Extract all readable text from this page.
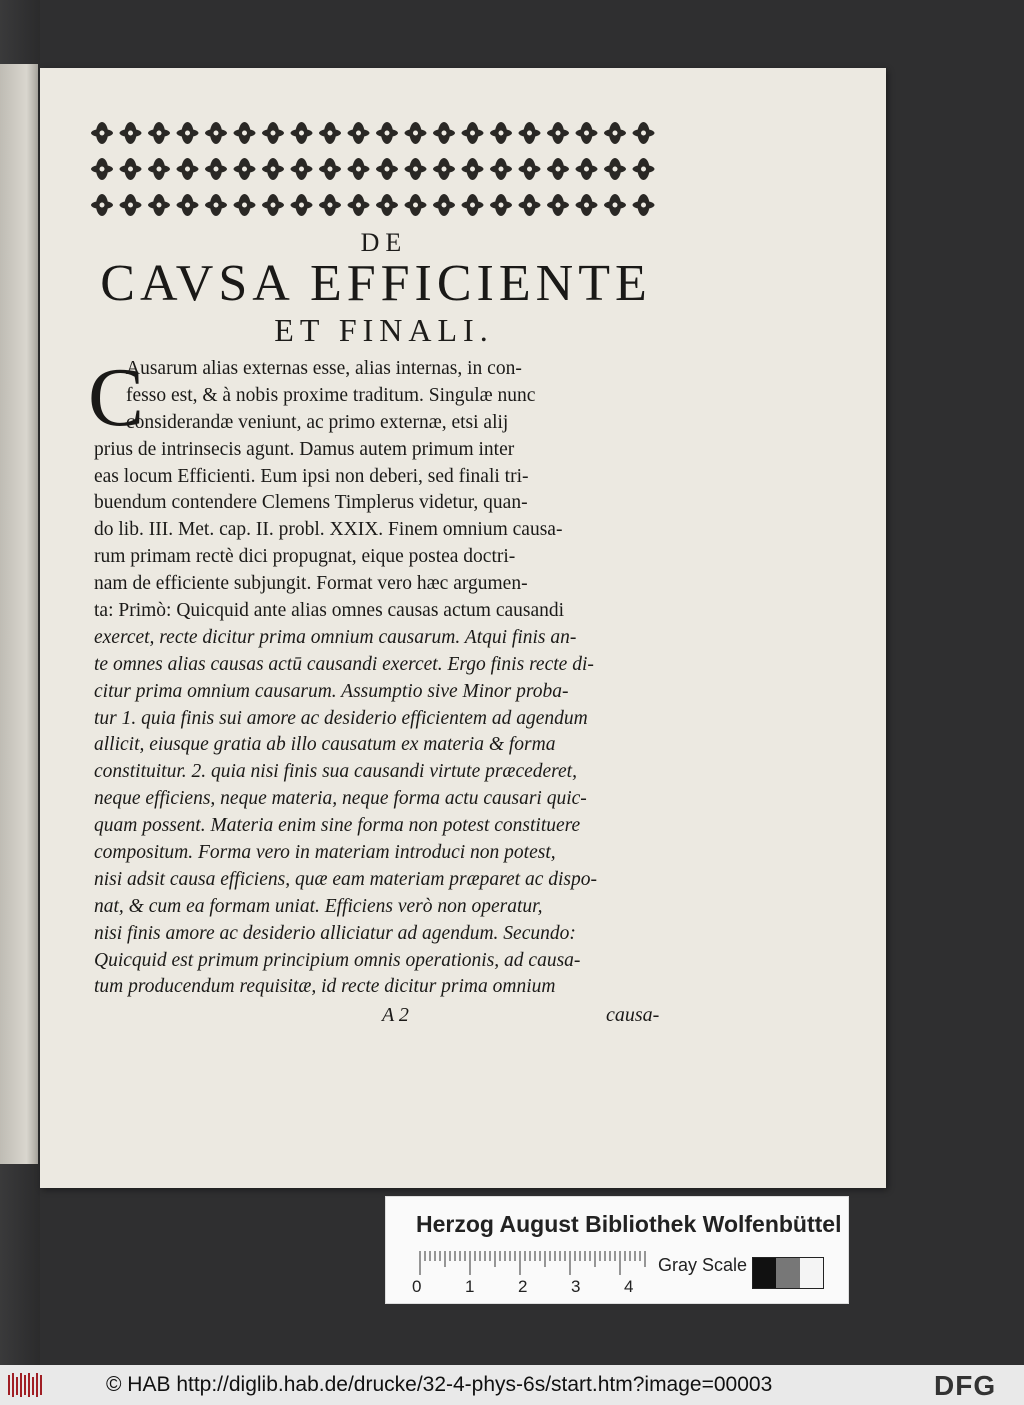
DE
CAVSA EFFICIENTE
ET FINALI.
C
Ausarum alias externas esse, alias internas, in con-
fesso est, & à nobis proxime traditum. Singulæ nunc
considerandæ veniunt, ac primo externæ, etsi alij
prius de intrinsecis agunt. Damus autem primum inter
eas locum Efficienti. Eum ipsi non deberi, sed finali tri-
buendum contendere Clemens Timplerus videtur, quan-
do lib. III. Met. cap. II. probl. XXIX. Finem omnium causa-
rum primam rectè dici propugnat, eique postea doctri-
nam de efficiente subjungit. Format vero hæc argumen-
ta: Primò: Quicquid ante alias omnes causas actum causandi
exercet, recte dicitur prima omnium causarum. Atqui finis an-
te omnes alias causas actū causandi exercet. Ergo finis recte di-
citur prima omnium causarum. Assumptio sive Minor proba-
tur 1. quia finis sui amore ac desiderio efficientem ad agendum
allicit, eiusque gratia ab illo causatum ex materia & forma
constituitur. 2. quia nisi finis sua causandi virtute præcederet,
neque efficiens, neque materia, neque forma actu causari quic-
quam possent. Materia enim sine forma non potest constituere
compositum. Forma vero in materiam introduci non potest,
nisi adsit causa efficiens, quæ eam materiam præparet ac dispo-
nat, & cum ea formam uniat. Efficiens verò non operatur,
nisi finis amore ac desiderio alliciatur ad agendum. Secundo:
Quicquid est primum principium omnis operationis, ad causa-
tum producendum requisitæ, id recte dicitur prima omnium
A 2	causa-
Herzog August Bibliothek Wolfenbüttel
0	1	2	3	4
Gray Scale
© HAB http://diglib.hab.de/drucke/32-4-phys-6s/start.htm?image=00003	DFG
